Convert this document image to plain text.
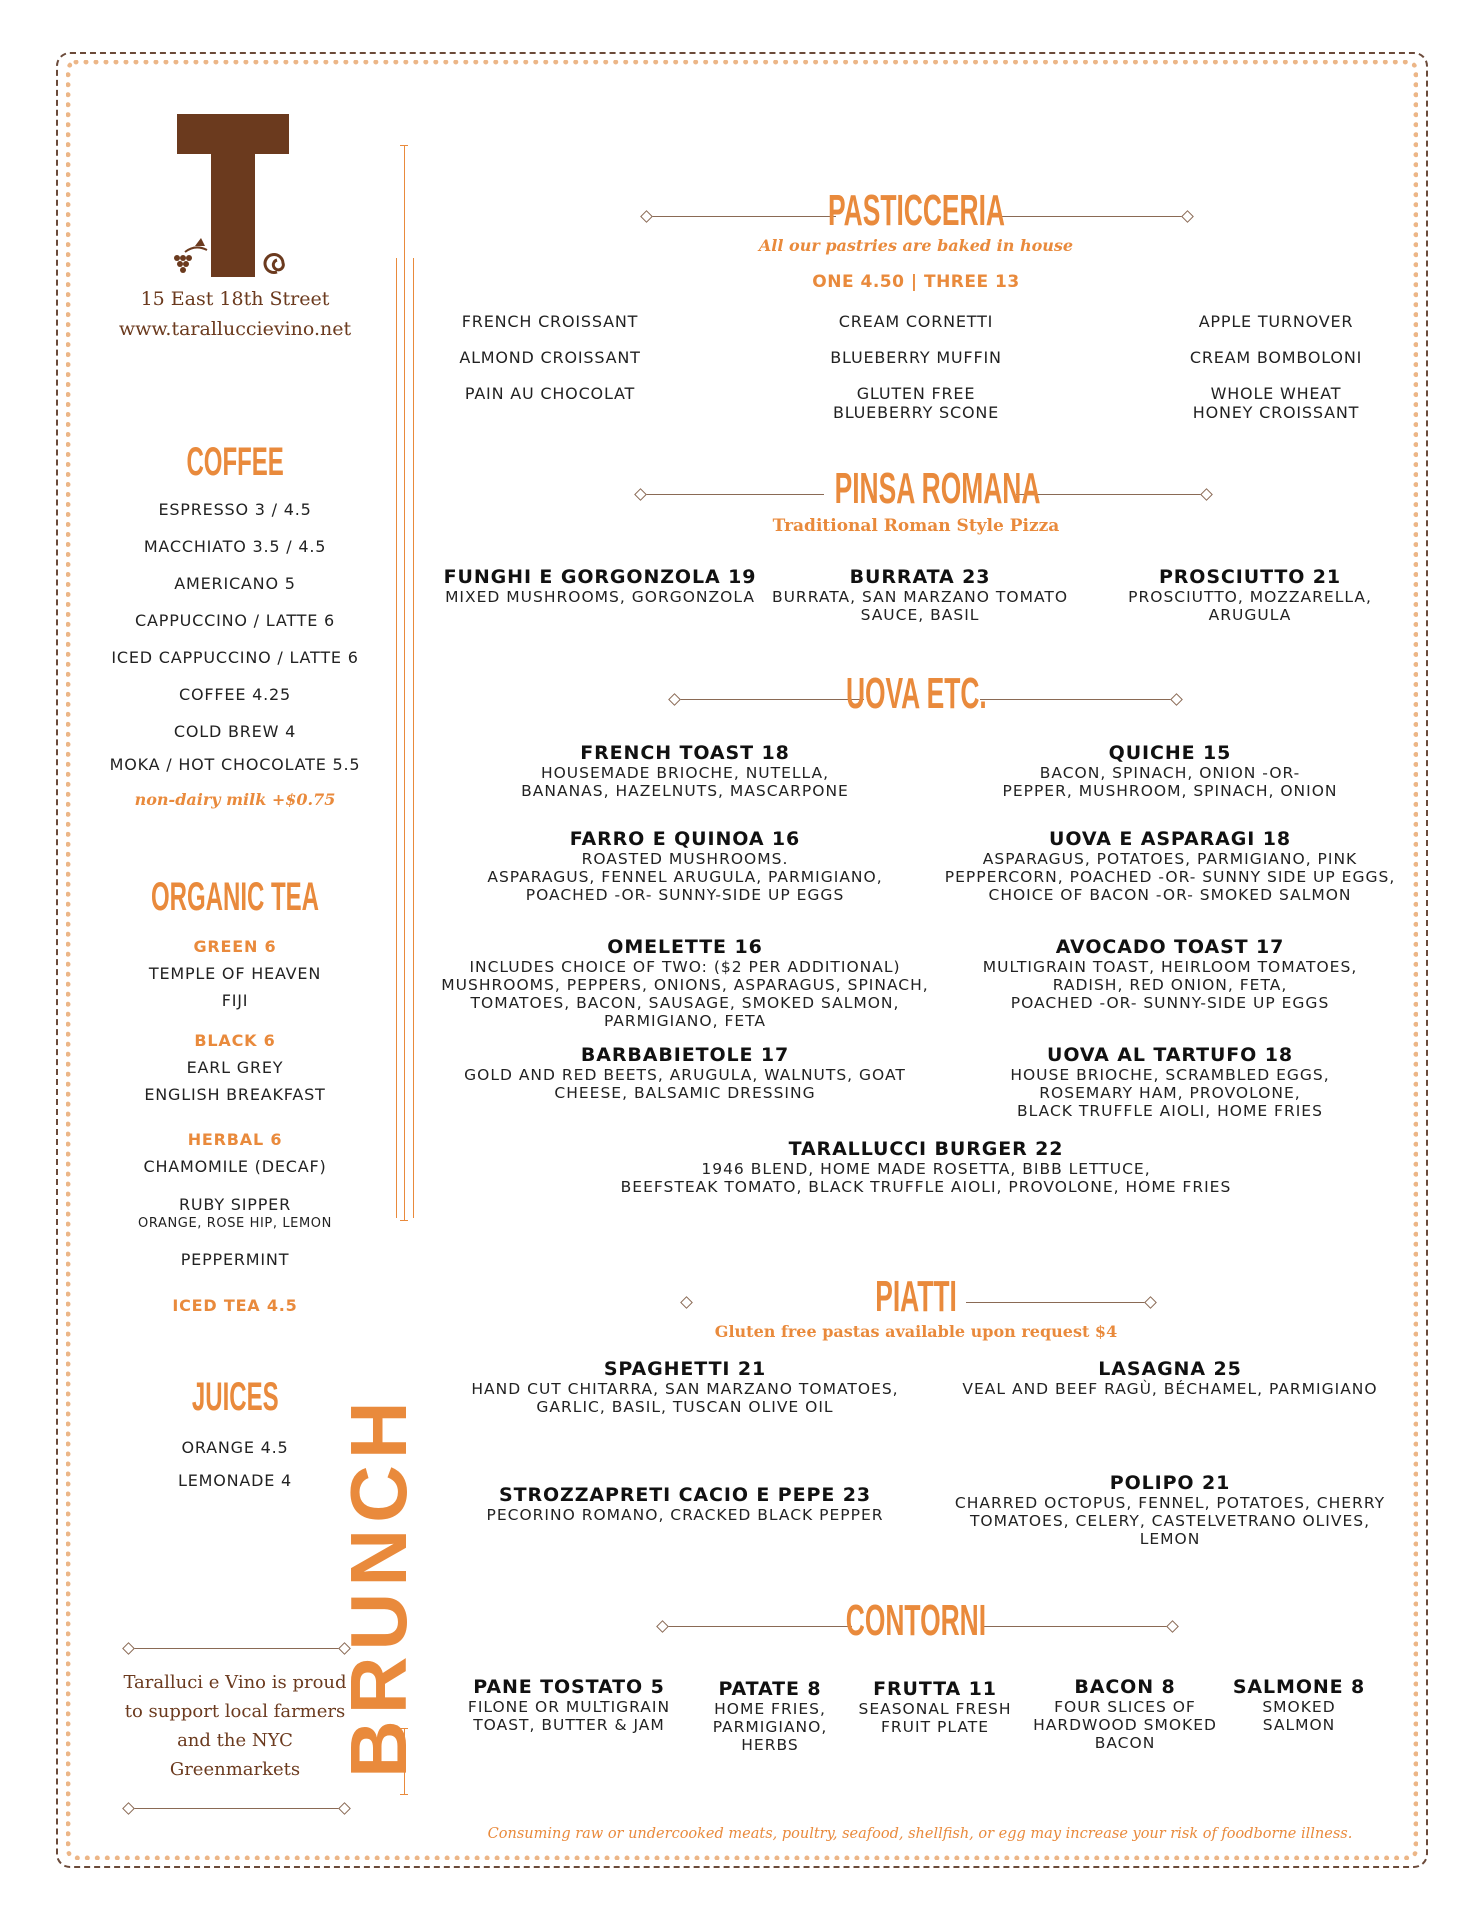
15 East 18th Street
www.taralluccievino.net
COFFEE
ESPRESSO 3 / 4.5
MACCHIATO 3.5 / 4.5
AMERICANO 5
CAPPUCCINO / LATTE 6
ICED CAPPUCCINO / LATTE 6
COFFEE 4.25
COLD BREW 4
MOKA / HOT CHOCOLATE 5.5
non-dairy milk +$0.75
ORGANIC TEA
GREEN 6
TEMPLE OF HEAVEN
FIJI
BLACK 6
EARL GREY
ENGLISH BREAKFAST
HERBAL 6
CHAMOMILE (DECAF)
RUBY SIPPER
ORANGE, ROSE HIP, LEMON
PEPPERMINT
ICED TEA 4.5
JUICES
ORANGE 4.5
LEMONADE 4
Taralluci e Vino is proud to support local farmers and the NYC Greenmarkets BRUNCH
PASTICCERIA
All our pastries are baked in house
ONE 4.50 | THREE 13
FRENCH CROISSANT
ALMOND CROISSANT
PAIN AU CHOCOLAT
CREAM CORNETTI
BLUEBERRY MUFFIN
GLUTEN FREE
BLUEBERRY SCONE
APPLE TURNOVER
CREAM BOMBOLONI
WHOLE WHEAT
HONEY CROISSANT
PINSA ROMANA
Traditional Roman Style Pizza
FUNGHI E GORGONZOLA 19
MIXED MUSHROOMS, GORGONZOLA
BURRATA 23
BURRATA, SAN MARZANO TOMATO
SAUCE, BASIL
PROSCIUTTO 21
PROSCIUTTO, MOZZARELLA,
ARUGULA
UOVA ETC.
FRENCH TOAST 18
HOUSEMADE BRIOCHE, NUTELLA,
BANANAS, HAZELNUTS, MASCARPONE
QUICHE 15
BACON, SPINACH, ONION -OR-
PEPPER, MUSHROOM, SPINACH, ONION
FARRO E QUINOA 16
ROASTED MUSHROOMS.
ASPARAGUS, FENNEL ARUGULA, PARMIGIANO,
POACHED -OR- SUNNY-SIDE UP EGGS
UOVA E ASPARAGI 18
ASPARAGUS, POTATOES, PARMIGIANO, PINK
PEPPERCORN, POACHED -OR- SUNNY SIDE UP EGGS,
CHOICE OF BACON -OR- SMOKED SALMON
OMELETTE 16
INCLUDES CHOICE OF TWO: ($2 PER ADDITIONAL)
MUSHROOMS, PEPPERS, ONIONS, ASPARAGUS, SPINACH,
TOMATOES, BACON, SAUSAGE, SMOKED SALMON,
PARMIGIANO, FETA
AVOCADO TOAST 17
MULTIGRAIN TOAST, HEIRLOOM TOMATOES,
RADISH, RED ONION, FETA,
POACHED -OR- SUNNY-SIDE UP EGGS
BARBABIETOLE 17
GOLD AND RED BEETS, ARUGULA, WALNUTS, GOAT
CHEESE, BALSAMIC DRESSING
UOVA AL TARTUFO 18
HOUSE BRIOCHE, SCRAMBLED EGGS,
ROSEMARY HAM, PROVOLONE,
BLACK TRUFFLE AIOLI, HOME FRIES
TARALLUCCI BURGER 22
1946 BLEND, HOME MADE ROSETTA, BIBB LETTUCE,
BEEFSTEAK TOMATO, BLACK TRUFFLE AIOLI, PROVOLONE, HOME FRIES
PIATTI
Gluten free pastas available upon request $4
SPAGHETTI 21
HAND CUT CHITARRA, SAN MARZANO TOMATOES,
GARLIC, BASIL, TUSCAN OLIVE OIL
LASAGNA 25
VEAL AND BEEF RAGÙ, BÉCHAMEL, PARMIGIANO
STROZZAPRETI CACIO E PEPE 23
PECORINO ROMANO, CRACKED BLACK PEPPER
POLIPO 21
CHARRED OCTOPUS, FENNEL, POTATOES, CHERRY
TOMATOES, CELERY, CASTELVETRANO OLIVES, LEMON
CONTORNI
PANE TOSTATO 5
FILONE OR MULTIGRAIN
TOAST, BUTTER & JAM
PATATE 8
HOME FRIES,
PARMIGIANO,
HERBS
FRUTTA 11
SEASONAL FRESH
FRUIT PLATE
BACON 8
FOUR SLICES OF
HARDWOOD SMOKED
BACON
SALMONE 8
SMOKED
SALMON
Consuming raw or undercooked meats, poultry, seafood, shellfish, or egg may increase your risk of foodborne illness.
